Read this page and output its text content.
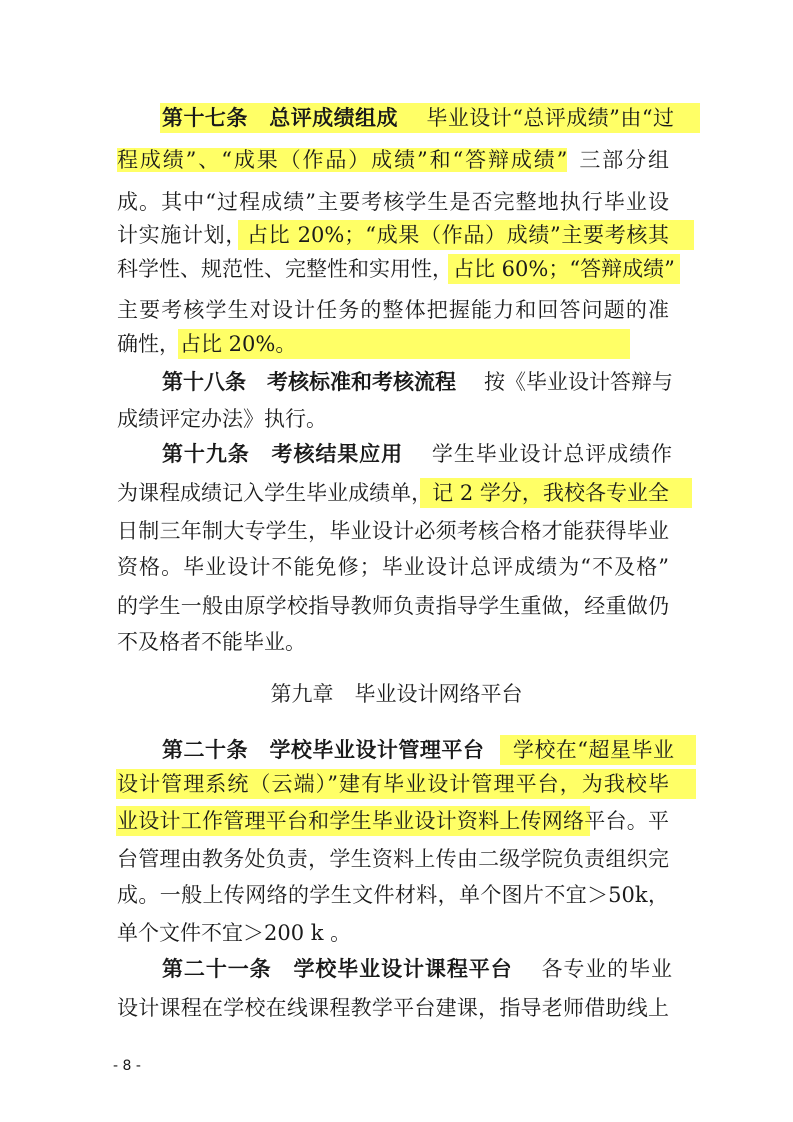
第十七条　总评成绩组成 毕业设计“总评成绩”由“过
程成绩”、“成果（作品）成绩”和“答辩成绩” 三部分组
成。其中“过程成绩”主要考核学生是否完整地执行毕业设
计实施计划，占比 20%；“成果（作品）成绩”主要考核其
科学性、规范性、完整性和实用性，占比 60%；“答辩成绩”
主要考核学生对设计任务的整体把握能力和回答问题的准
确性，占比 20%。
第十八条　考核标准和考核流程 按《毕业设计答辩与
成绩评定办法》执行。
第十九条　考核结果应用 学生毕业设计总评成绩作
为课程成绩记入学生毕业成绩单，记 2 学分，我校各专业全
日制三年制大专学生，毕业设计必须考核合格才能获得毕业
资格。毕业设计不能免修；毕业设计总评成绩为“不及格”
的学生一般由原学校指导教师负责指导学生重做，经重做仍
不及格者不能毕业。
第九章　毕业设计网络平台
第二十条　学校毕业设计管理平台 学校在“超星毕业
设计管理系统（云端）”建有毕业设计管理平台，为我校毕
业设计工作管理平台和学生毕业设计资料上传网络平台。平
台管理由教务处负责，学生资料上传由二级学院负责组织完
成。一般上传网络的学生文件材料，单个图片不宜＞50k，
单个文件不宜＞200 k 。
第二十一条　学校毕业设计课程平台 各专业的毕业
设计课程在学校在线课程教学平台建课，指导老师借助线上
- 8 -
